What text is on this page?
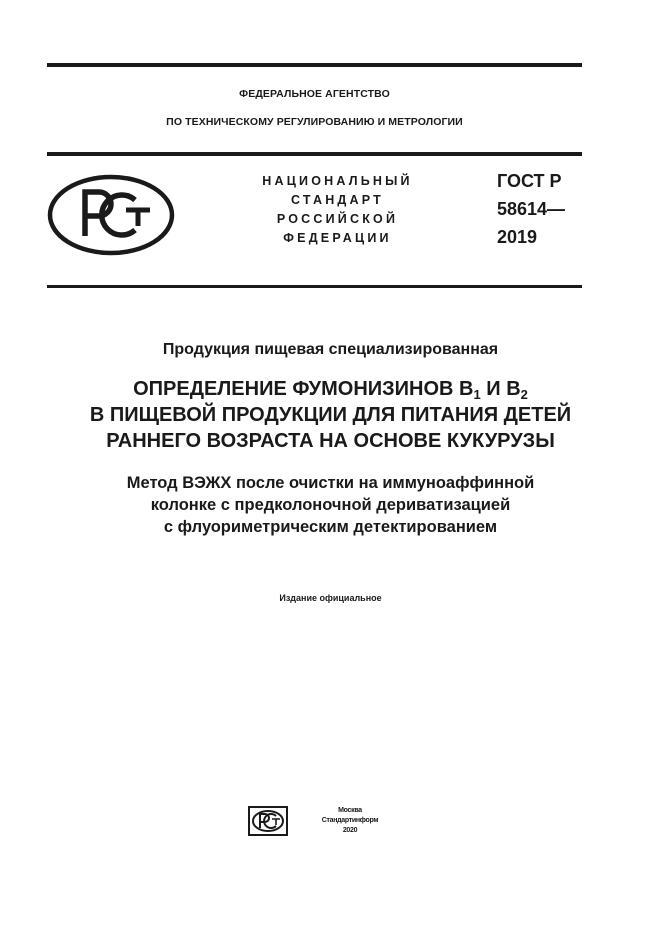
ФЕДЕРАЛЬНОЕ АГЕНТСТВО
ПО ТЕХНИЧЕСКОМУ РЕГУЛИРОВАНИЮ И МЕТРОЛОГИИ
НАЦИОНАЛЬНЫЙ
СТАНДАРТ
РОССИЙСКОЙ
ФЕДЕРАЦИИ
ГОСТ Р
58614—
2019
Продукция пищевая специализированная
ОПРЕДЕЛЕНИЕ ФУМОНИЗИНОВ $В_1$ И $В_2$
В ПИЩЕВОЙ ПРОДУКЦИИ ДЛЯ ПИТАНИЯ ДЕТЕЙ
РАННЕГО ВОЗРАСТА НА ОСНОВЕ КУКУРУЗЫ
Метод ВЭЖХ после очистки на иммуноаффинной
колонке с предколоночной дериватизацией
с флуориметрическим детектированием
Издание официальное
Москва
Стандартинформ
2020
